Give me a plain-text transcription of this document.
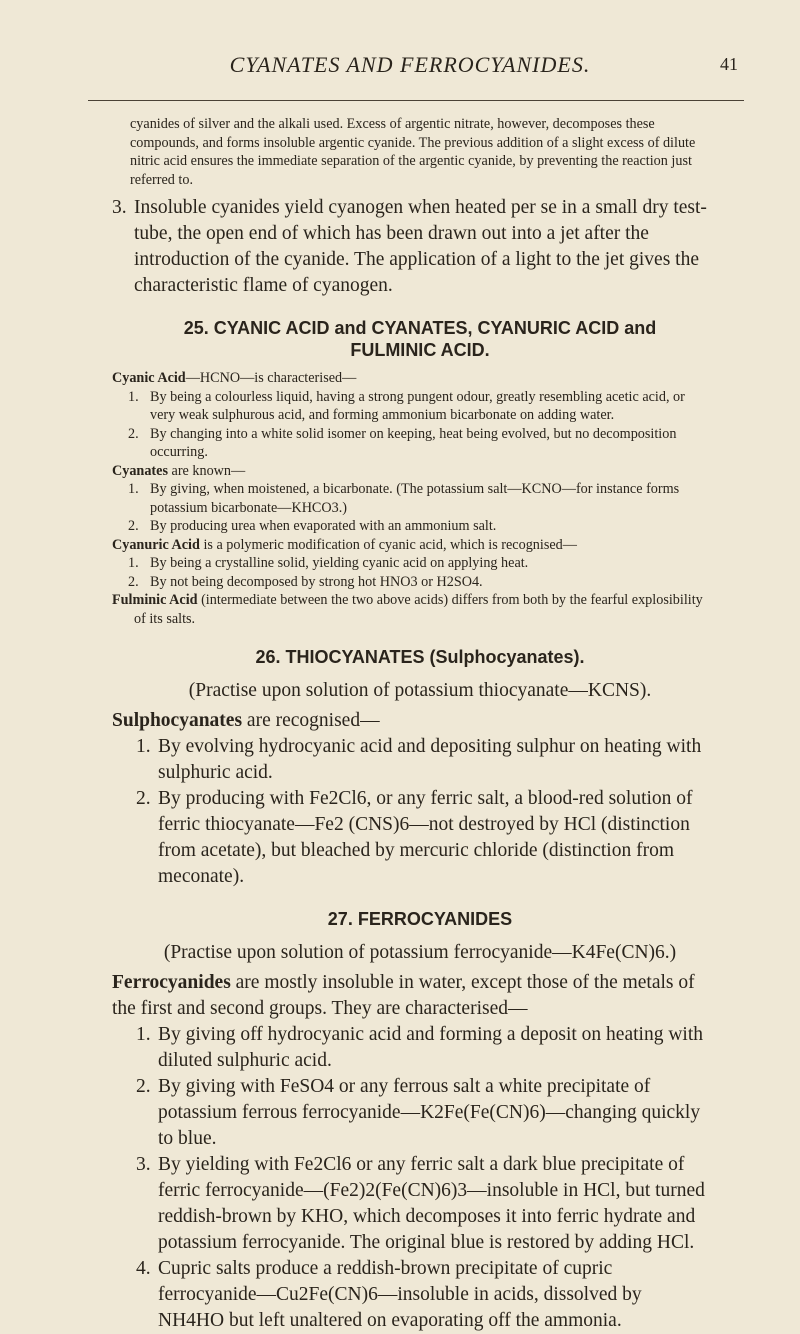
CYANATES AND FERROCYANIDES.	41

cyanides of silver and the alkali used. Excess of argentic nitrate, however, decomposes these compounds, and forms insoluble argentic cyanide. The previous addition of a slight excess of dilute nitric acid ensures the immediate separation of the argentic cyanide, by preventing the reaction just referred to.

3. Insoluble cyanides yield cyanogen when heated per se in a small dry test-tube, the open end of which has been drawn out into a jet after the introduction of the cyanide. The application of a light to the jet gives the characteristic flame of cyanogen.

25. CYANIC ACID and CYANATES, CYANURIC ACID and

FULMINIC ACID.

Cyanic Acid—HCNO—is characterised—

1. By being a colourless liquid, having a strong pungent odour, greatly resembling acetic acid, or very weak sulphurous acid, and forming ammonium bicarbonate on adding water.

2. By changing into a white solid isomer on keeping, heat being evolved, but no decomposition occurring.

Cyanates are known—

1. By giving, when moistened, a bicarbonate. (The potassium salt—KCNO—for instance forms potassium bicarbonate—KHCO3.)

2. By producing urea when evaporated with an ammonium salt.

Cyanuric Acid is a polymeric modification of cyanic acid, which is recognised—

1. By being a crystalline solid, yielding cyanic acid on applying heat.

2. By not being decomposed by strong hot HNO3 or H2SO4.

Fulminic Acid (intermediate between the two above acids) differs from both by the fearful explosibility of its salts.

26. THIOCYANATES (Sulphocyanates).

(Practise upon solution of potassium thiocyanate—KCNS).

Sulphocyanates are recognised—

1. By evolving hydrocyanic acid and depositing sulphur on heating with sulphuric acid.

2. By producing with Fe2Cl6, or any ferric salt, a blood-red solution of ferric thiocyanate—Fe2 (CNS)6—not destroyed by HCl (distinction from acetate), but bleached by mercuric chloride (distinction from meconate).

27. FERROCYANIDES

(Practise upon solution of potassium ferrocyanide—K4Fe(CN)6.)

Ferrocyanides are mostly insoluble in water, except those of the metals of the first and second groups. They are characterised—

1. By giving off hydrocyanic acid and forming a deposit on heating with diluted sulphuric acid.

2. By giving with FeSO4 or any ferrous salt a white precipitate of potassium ferrous ferrocyanide—K2Fe(Fe(CN)6)—changing quickly to blue.

3. By yielding with Fe2Cl6 or any ferric salt a dark blue precipitate of ferric ferrocyanide—(Fe2)2(Fe(CN)6)3—insoluble in HCl, but turned reddish-brown by KHO, which decomposes it into ferric hydrate and potassium ferrocyanide. The original blue is restored by adding HCl.

4. Cupric salts produce a reddish-brown precipitate of cupric ferrocyanide—Cu2Fe(CN)6—insoluble in acids, dissolved by NH4HO but left unaltered on evaporating off the ammonia.
